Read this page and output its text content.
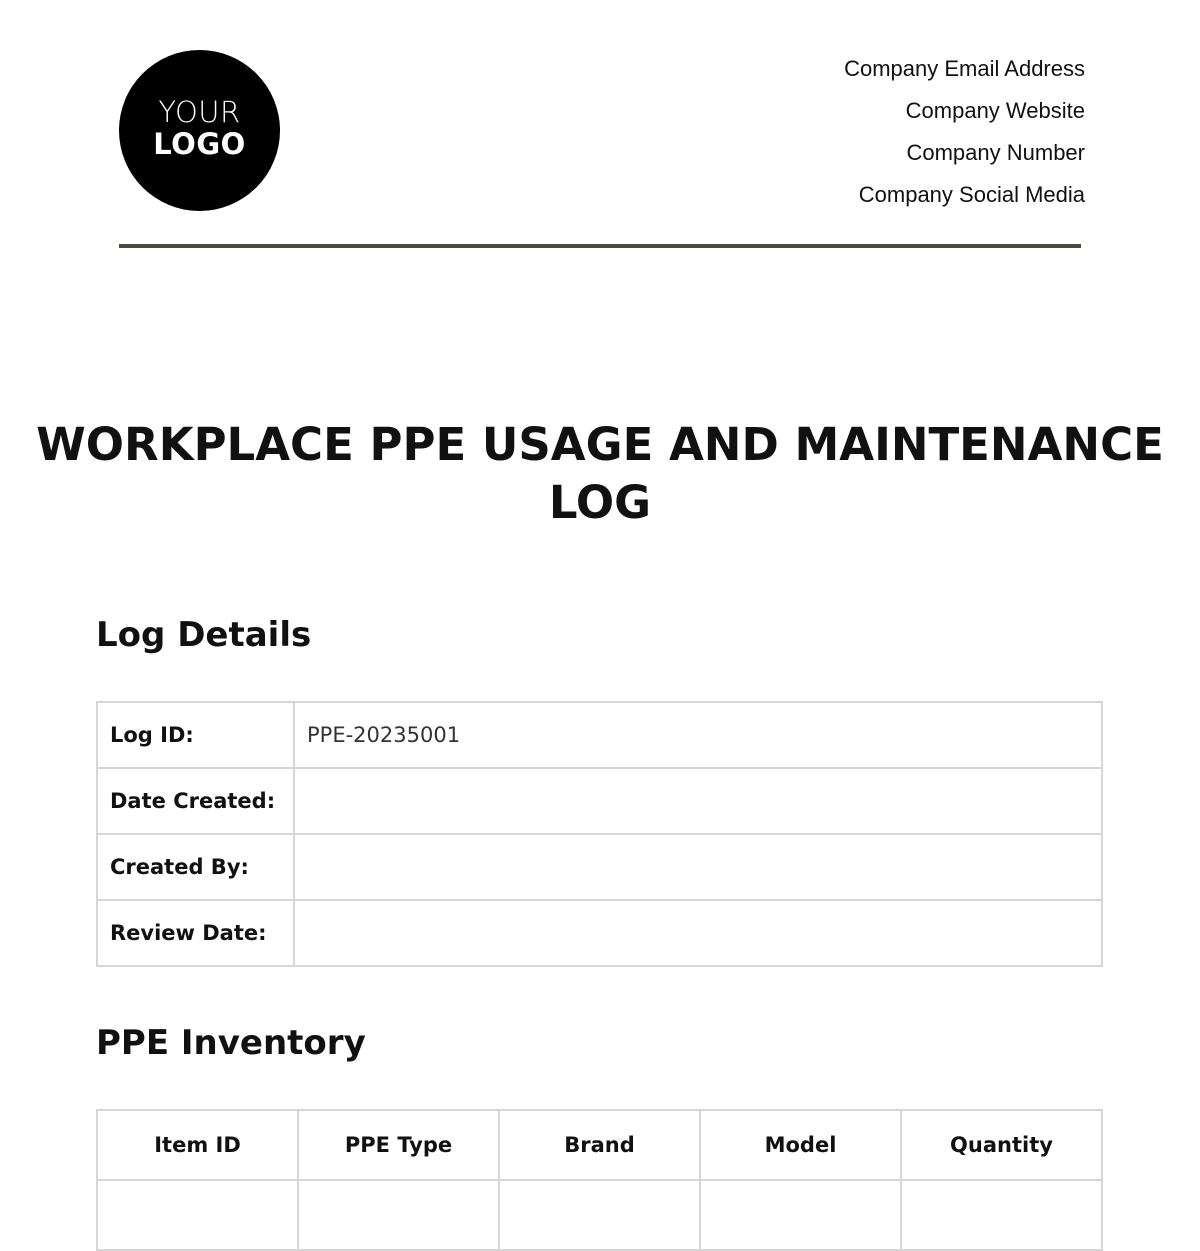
YOUR
LOGO
Company Email Address
Company Website
Company Number
Company Social Media
WORKPLACE PPE USAGE AND MAINTENANCE LOG
Log Details
Log ID:	PPE-20235001
Date Created:	
Created By:	
Review Date:	
PPE Inventory
Item ID	PPE Type	Brand	Model	Quantity
